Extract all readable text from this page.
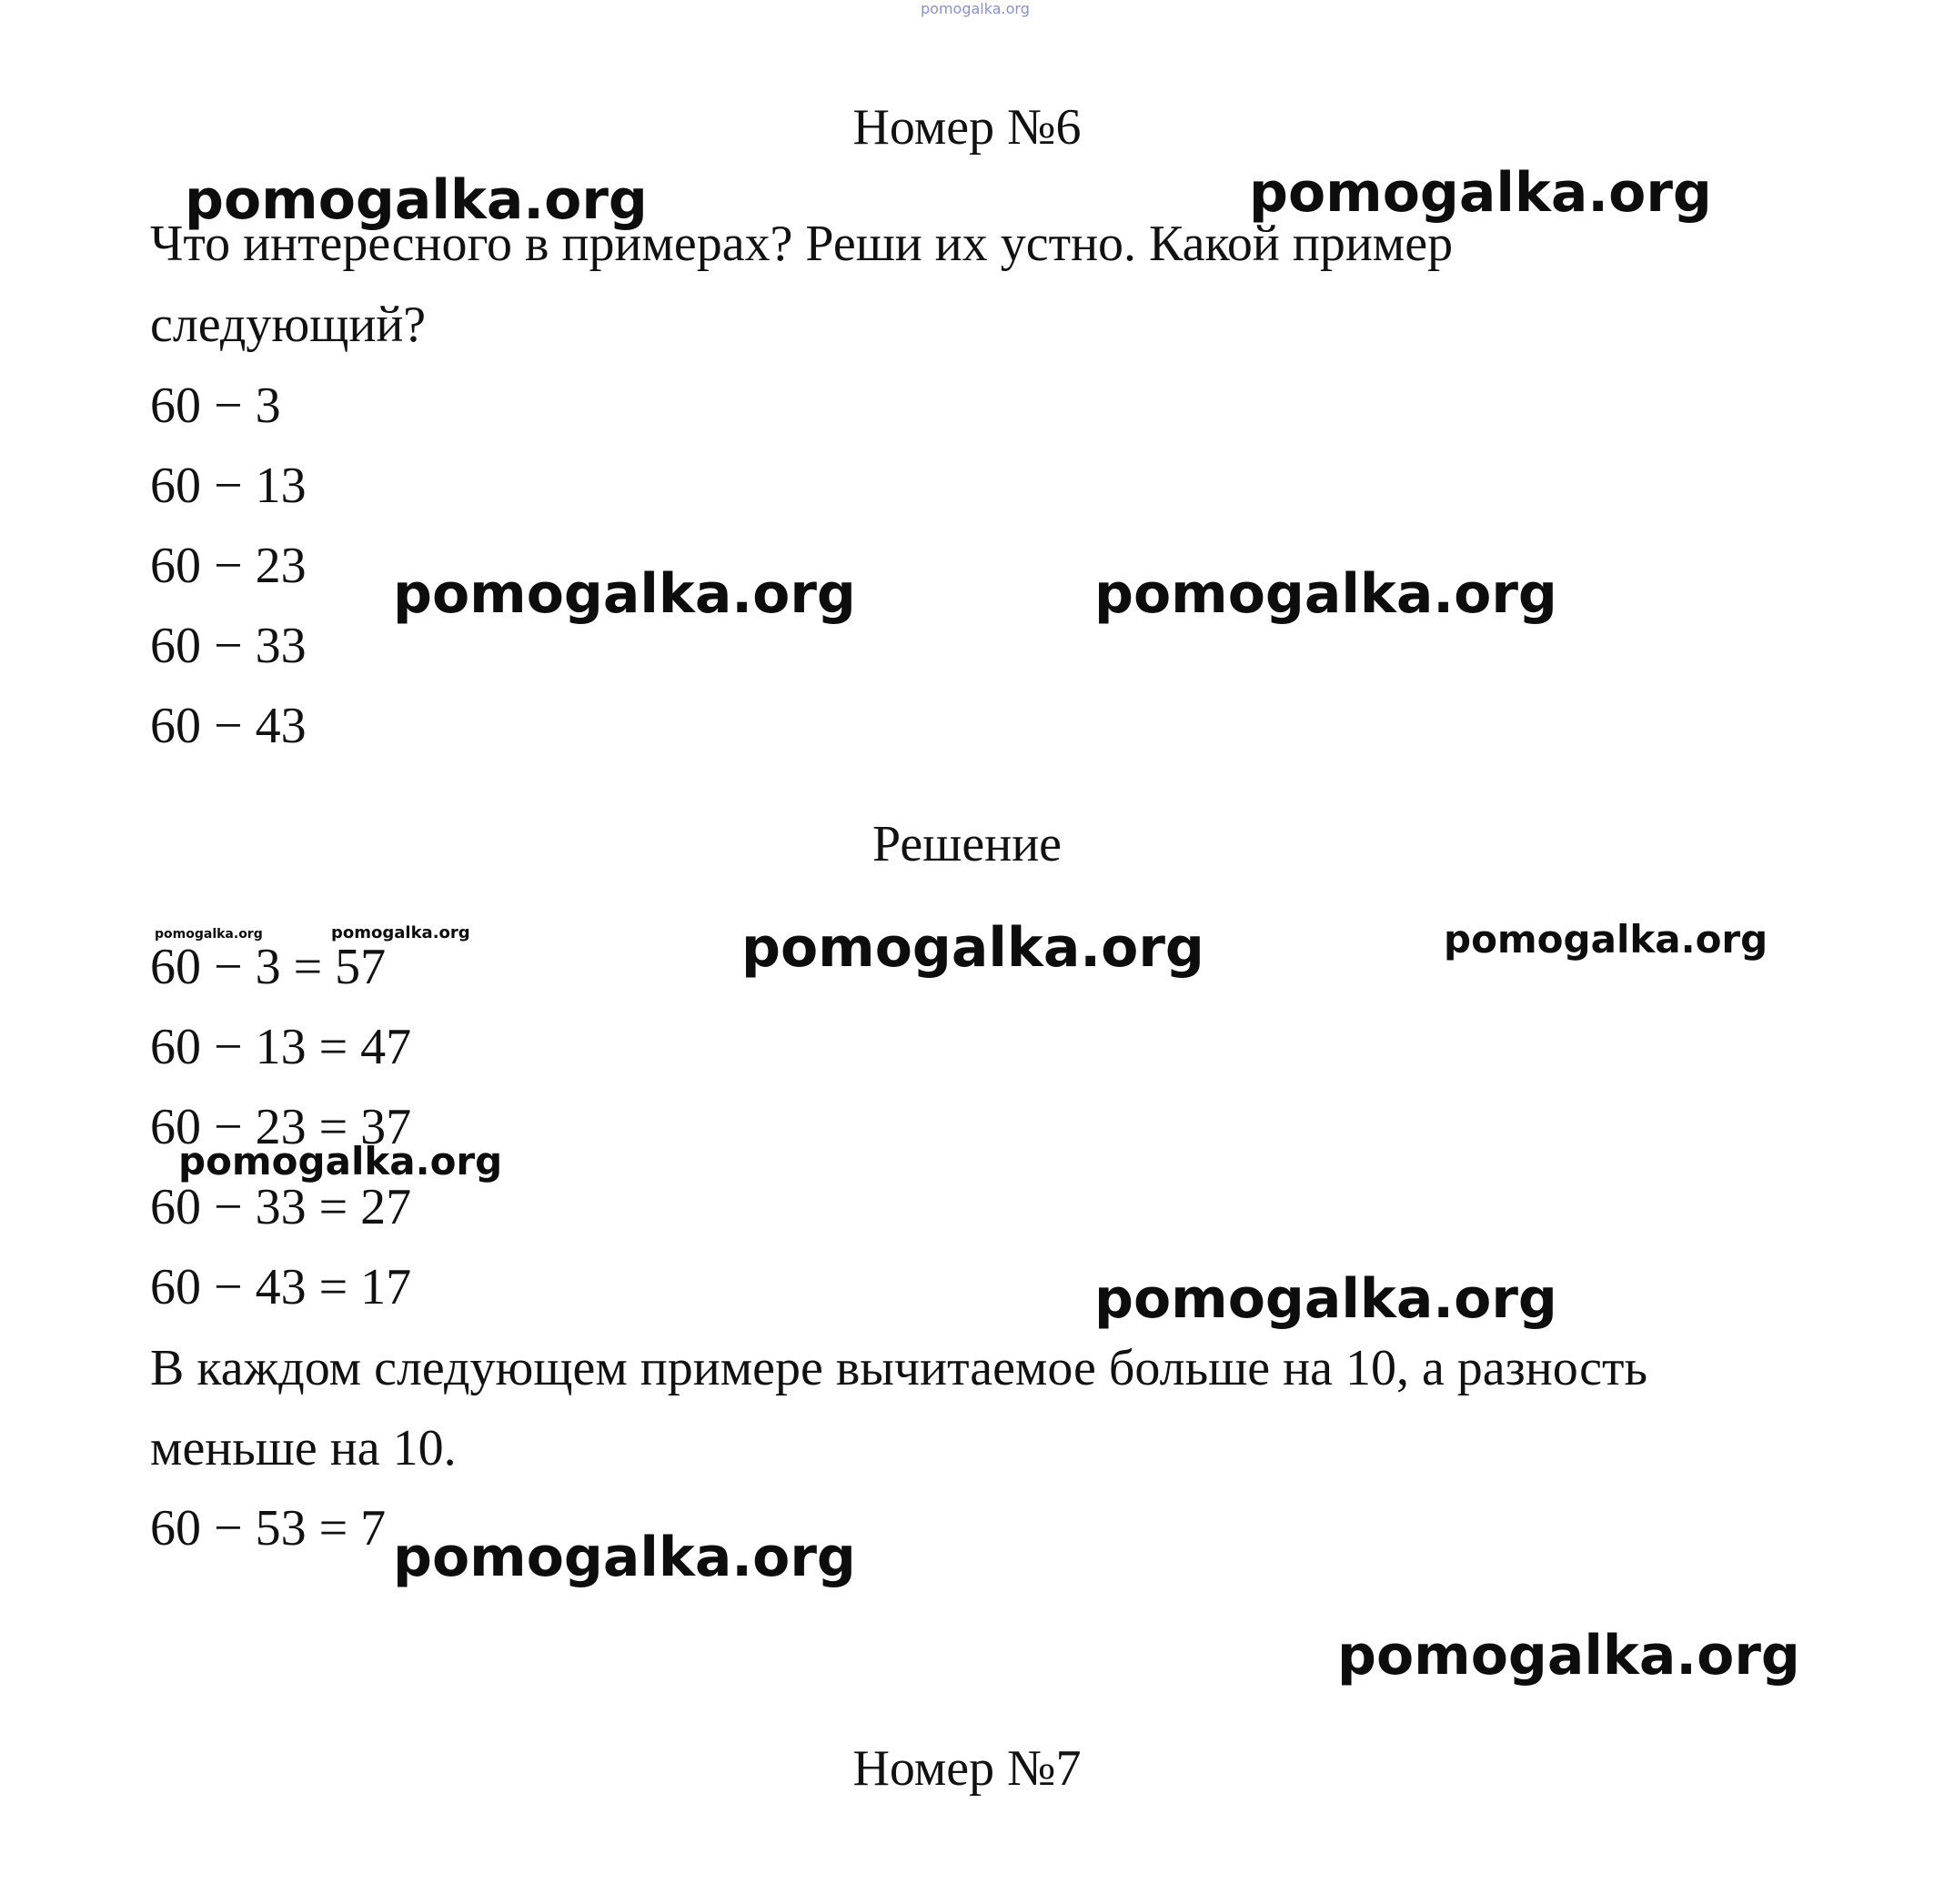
Номер №6
Что интересного в примерах? Реши их устно. Какой пример
следующий?
60 − 3
60 − 13
60 − 23
60 − 33
60 − 43
Решение
60 − 3 = 57
60 − 13 = 47
60 − 23 = 37
60 − 33 = 27
60 − 43 = 17
В каждом следующем примере вычитаемое больше на 10, а разность
меньше на 10.
60 − 53 = 7
Номер №7
pomogalka.org
pomogalka.org	pomogalka.org
pomogalka.org	pomogalka.org
pomogalka.org	pomogalka.org	pomogalka.org	pomogalka.org
pomogalka.org
pomogalka.org
pomogalka.org
pomogalka.org
